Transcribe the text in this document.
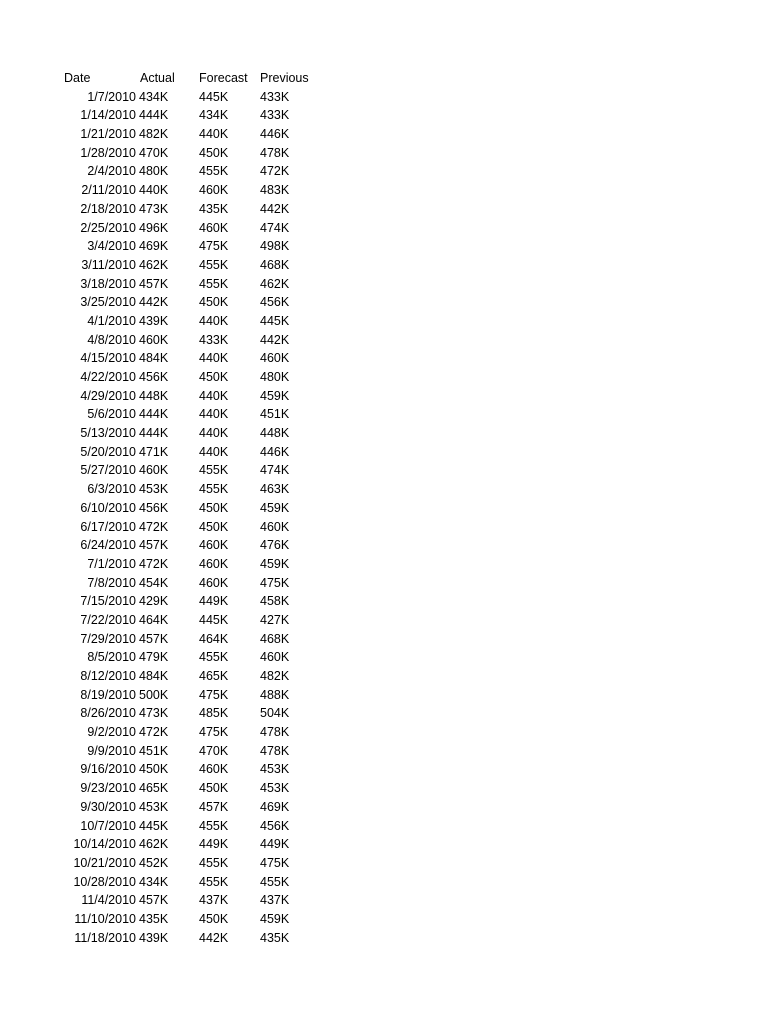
Date	Actual Forecast Previous
1/7/2010 434K 445K	433K
1/14/2010 444K 434K	433K
1/21/2010 482K 440K	446K
1/28/2010 470K 450K	478K
2/4/2010 480K 455K	472K
2/11/2010 440K 460K	483K
2/18/2010 473K 435K	442K
2/25/2010 496K 460K	474K
3/4/2010 469K 475K	498K
3/11/2010 462K 455K	468K
3/18/2010 457K 455K	462K
3/25/2010 442K 450K	456K
4/1/2010 439K 440K	445K
4/8/2010 460K 433K	442K
4/15/2010 484K 440K	460K
4/22/2010 456K 450K	480K
4/29/2010 448K 440K	459K
5/6/2010 444K 440K	451K
5/13/2010 444K 440K	448K
5/20/2010 471K 440K	446K
5/27/2010 460K 455K	474K
6/3/2010 453K 455K	463K
6/10/2010 456K 450K	459K
6/17/2010 472K 450K	460K
6/24/2010 457K 460K	476K
7/1/2010 472K 460K	459K
7/8/2010 454K 460K	475K
7/15/2010 429K 449K	458K
7/22/2010 464K 445K	427K
7/29/2010 457K 464K	468K
8/5/2010 479K 455K	460K
8/12/2010 484K 465K	482K
8/19/2010 500K 475K	488K
8/26/2010 473K 485K	504K
9/2/2010 472K 475K	478K
9/9/2010 451K 470K	478K
9/16/2010 450K 460K	453K
9/23/2010 465K 450K	453K
9/30/2010 453K 457K	469K
10/7/2010 445K 455K	456K
10/14/2010 462K 449K	449K
10/21/2010 452K 455K	475K
10/28/2010 434K 455K	455K
11/4/2010 457K 437K	437K
11/10/2010 435K 450K	459K
11/18/2010 439K 442K	435K
